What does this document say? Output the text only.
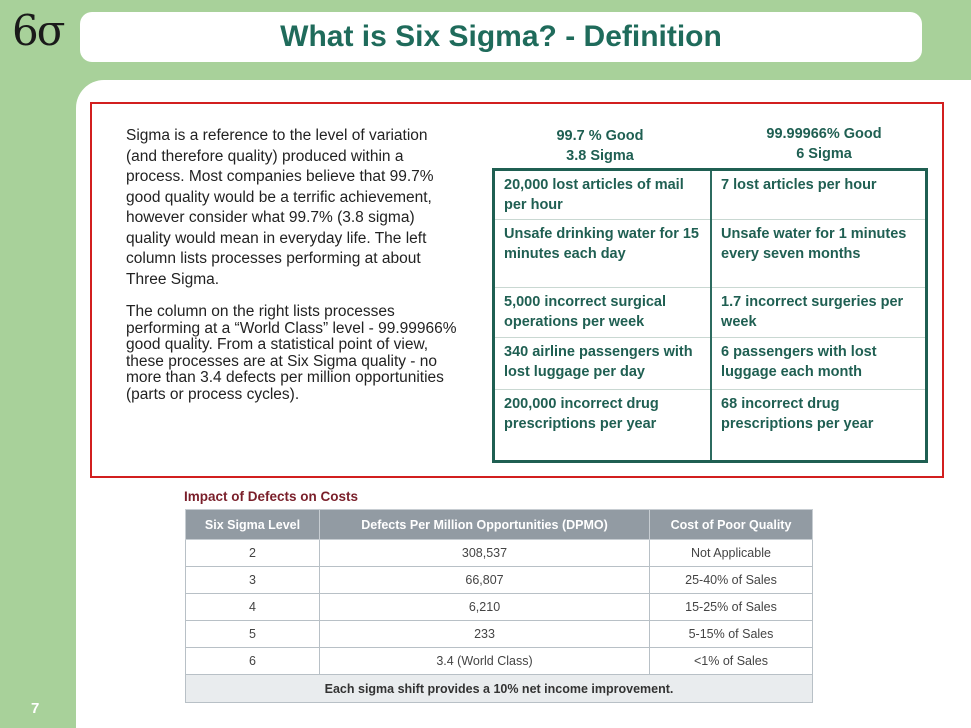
6σ	What is Six Sigma? - Definition

Sigma is a reference to the level of variation (and therefore quality) produced within a process. Most companies believe that 99.7% good quality would be a terrific achievement, however consider what 99.7% (3.8 sigma) quality would mean in everyday life. The left column lists processes performing at about Three Sigma.

The column on the right lists processes performing at a “World Class” level - 99.99966% good quality. From a statistical point of view, these processes are at Six Sigma quality - no more than 3.4 defects per million opportunities (parts or process cycles).

99.7 % Good
3.8 Sigma
99.99966% Good
6 Sigma
20,000 lost articles of mail per hour	7 lost articles per hour
Unsafe drinking water for 15 minutes each day	Unsafe water for 1 minutes every seven months
5,000 incorrect surgical operations per week	1.7 incorrect surgeries per week
340 airline passengers with lost luggage per day	6 passengers with lost luggage each month
200,000 incorrect drug prescriptions per year	68 incorrect drug prescriptions per year
Impact of Defects on Costs
Six Sigma Level	Defects Per Million Opportunities (DPMO)	Cost of Poor Quality
2	308,537	Not Applicable
3	66,807	25-40% of Sales
4	6,210	15-25% of Sales
5	233	5-15% of Sales
6	3.4 (World Class)	<1% of Sales
Each sigma shift provides a 10% net income improvement.		
7
